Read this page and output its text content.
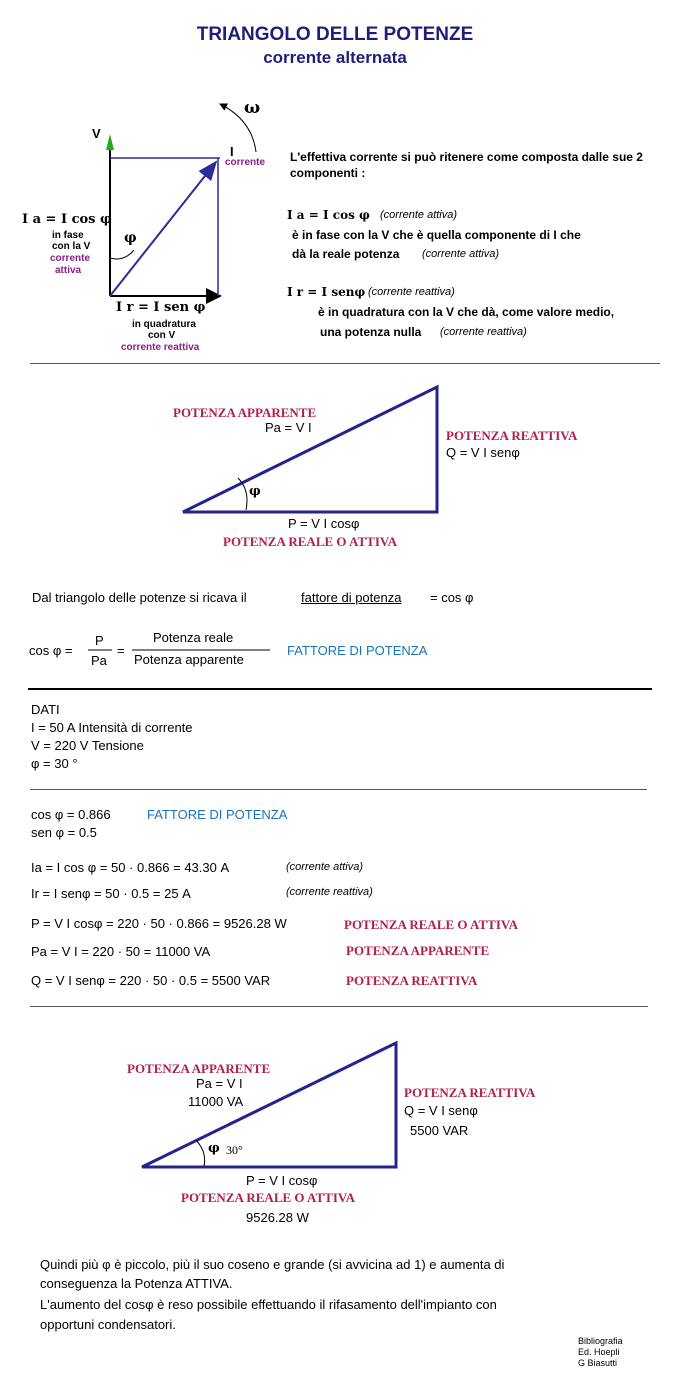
TRIANGOLO DELLE POTENZE
corrente alternata
ω
V
I
corrente
I a = I cos φ
in fase
con la V
corrente
attiva
φ
I r = I sen φ
in quadratura
con V
corrente reattiva
L'effettiva corrente si può ritenere come composta dalle sue 2
componenti :
I a = I cos φ (corrente attiva)
è in fase con la V che è quella componente di I che
dà la reale potenza (corrente attiva)
I r = I senφ (corrente reattiva)
è in quadratura con la V che dà, come valore medio,
una potenza nulla (corrente reattiva)
POTENZA APPARENTE
Pa = V I
POTENZA REATTIVA
Q = V I senφ
φ
P = V I cosφ
POTENZA REALE O ATTIVA
Dal triangolo delle potenze si ricava il	fattore di potenza = cos φ
cos φ =
P
Pa
=
Potenza reale
Potenza apparente
FATTORE DI POTENZA
DATI
I = 50 A Intensità di corrente
V = 220 V Tensione
φ = 30 °
cos φ = 0.866	FATTORE DI POTENZA
sen φ = 0.5
Ia = I cos φ = 50 · 0.866 = 43.30 A	(corrente attiva)
Ir = I senφ = 50 · 0.5 = 25 A	(corrente reattiva)
P = V I cosφ = 220 · 50 · 0.866 = 9526.28 W	POTENZA REALE O ATTIVA
Pa = V I = 220 · 50 = 11000 VA	POTENZA APPARENTE
Q = V I senφ = 220 · 50 · 0.5 = 5500 VAR	POTENZA REATTIVA
POTENZA APPARENTE
Pa = V I
11000 VA
POTENZA REATTIVA
Q = V I senφ
5500 VAR
φ 30°
P = V I cosφ
POTENZA REALE O ATTIVA
9526.28 W
Quindi più φ è piccolo, più il suo coseno e grande (si avvicina ad 1) e aumenta di
conseguenza la Potenza ATTIVA.
L'aumento del cosφ è reso possibile effettuando il rifasamento dell'impianto con
opportuni condensatori.
Bibliografia
Ed. Hoepli
G Biasutti
